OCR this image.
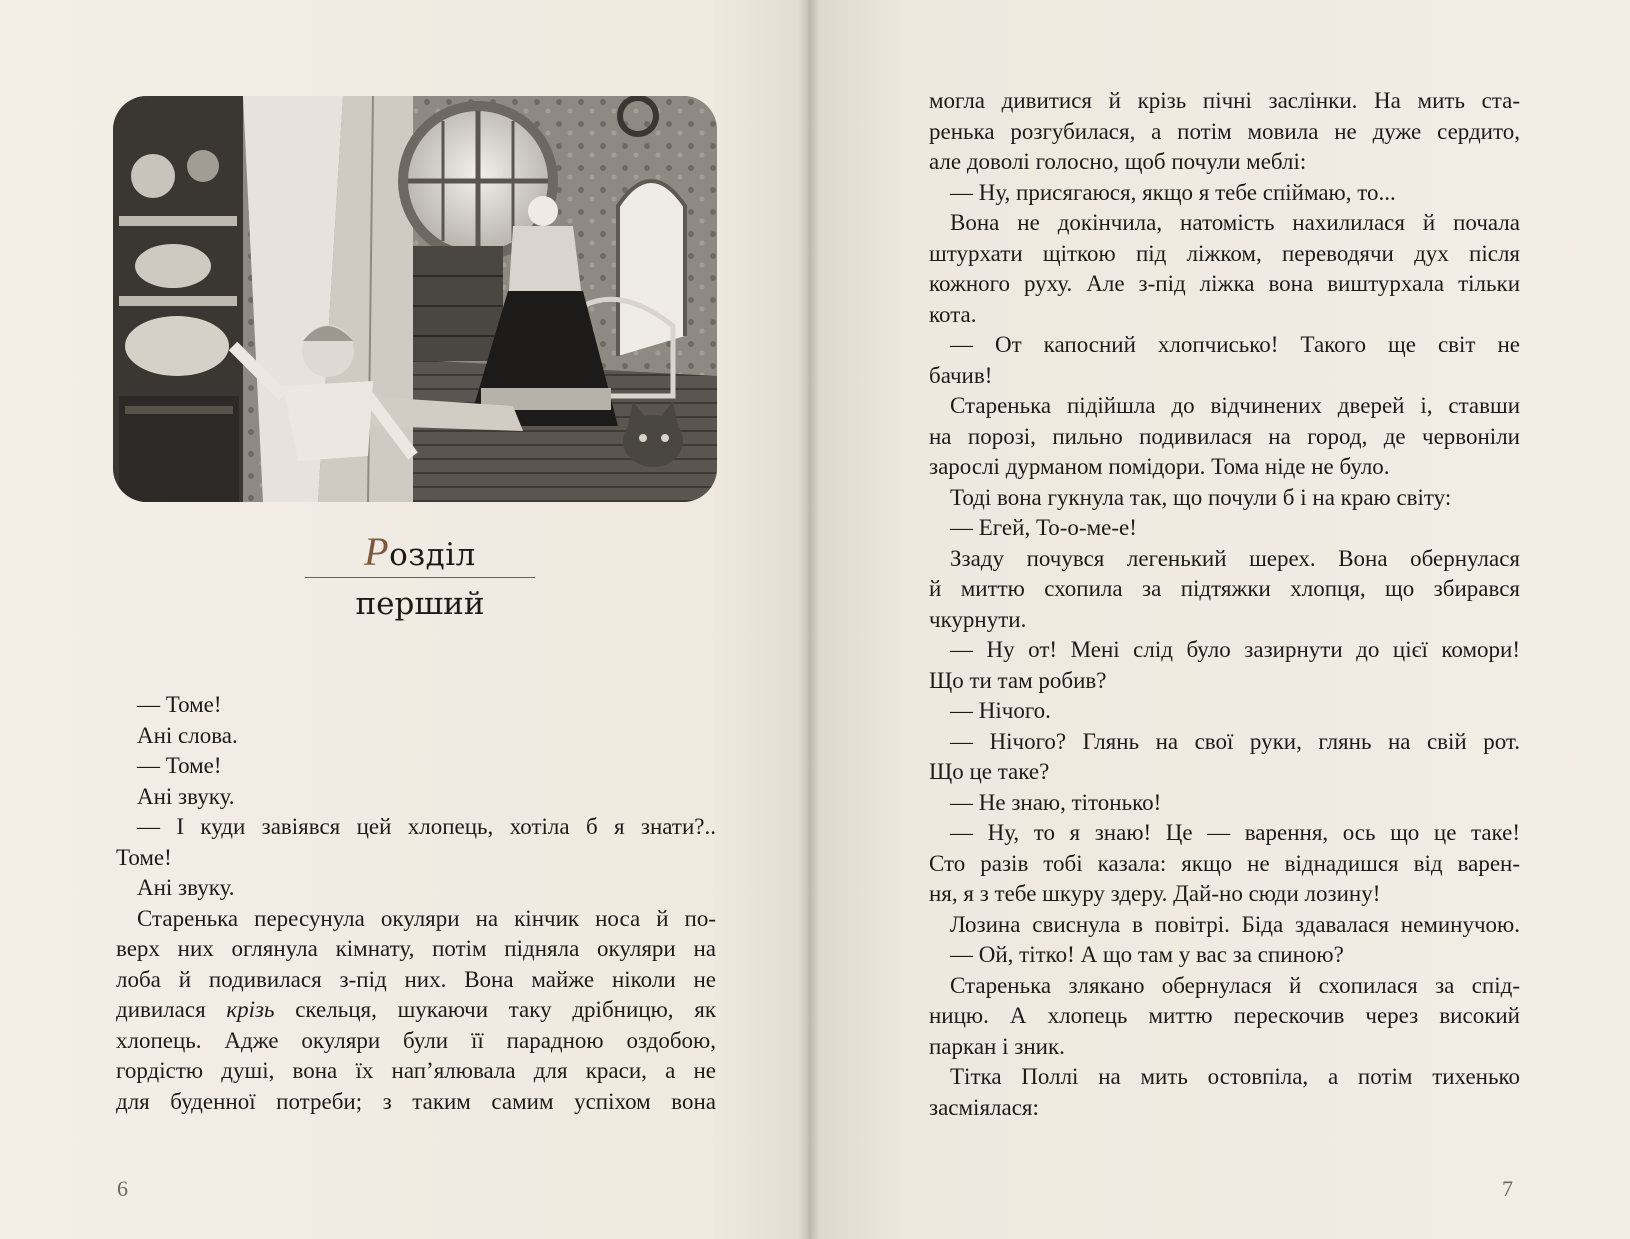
Розділ
перший
— Томе!
Ані слова.
— Томе!
Ані звуку.
— І куди завіявся цей хлопець, хотіла б я знати?..
Томе!
Ані звуку.
Старенька пересунула окуляри на кінчик носа й по-
верх них оглянула кімнату, потім підняла окуляри на
лоба й подивилася з-під них. Вона майже ніколи не
дивилася крізь скельця, шукаючи таку дрібницю, як
хлопець. Адже окуляри були її парадною оздобою,
гордістю душі, вона їх нап’ялювала для краси, а не
для буденної потреби; з таким самим успіхом вона
могла дивитися й крізь пічні заслінки. На мить ста-
ренька розгубилася, а потім мовила не дуже сердито,
але доволі голосно, щоб почули меблі:
— Ну, присягаюся, якщо я тебе спіймаю, то...
Вона не докінчила, натомість нахилилася й почала
штурхати щіткою під ліжком, переводячи дух після
кожного руху. Але з-під ліжка вона виштурхала тільки
кота.
— От капосний хлопчисько! Такого ще світ не
бачив!
Старенька підійшла до відчинених дверей і, ставши
на порозі, пильно подивилася на город, де червоніли
зарослі дурманом помідори. Тома ніде не було.
Тоді вона гукнула так, що почули б і на краю світу:
— Егей, То-о-ме-е!
Ззаду почувся легенький шерех. Вона обернулася
й миттю схопила за підтяжки хлопця, що збирався
чкурнути.
— Ну от! Мені слід було зазирнути до цієї комори!
Що ти там робив?
— Нічого.
— Нічого? Глянь на свої руки, глянь на свій рот.
Що це таке?
— Не знаю, тітонько!
— Ну, то я знаю! Це — варення, ось що це таке!
Сто разів тобі казала: якщо не віднадишся від варен-
ня, я з тебе шкуру здеру. Дай-но сюди лозину!
Лозина свиснула в повітрі. Біда здавалася неминучою.
— Ой, тітко! А що там у вас за спиною?
Старенька злякано обернулася й схопилася за спід-
ницю. А хлопець миттю перескочив через високий
паркан і зник.
Тітка Поллі на мить остовпіла, а потім тихенько
засміялася:
6	7
